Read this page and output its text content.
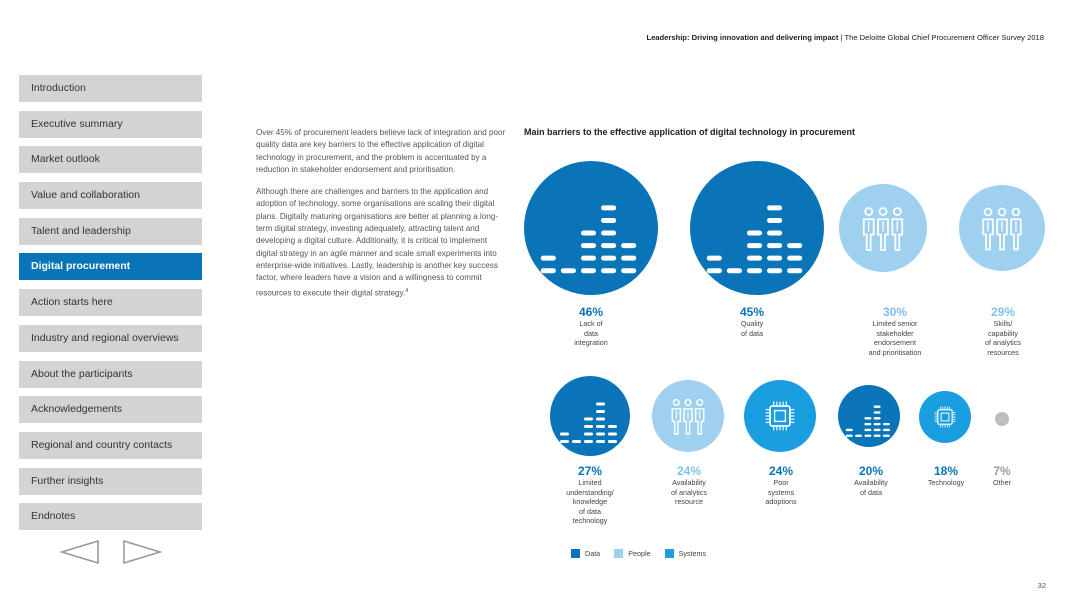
Leadership: Driving innovation and delivering impact | The Deloitte Global Chief Procurement Officer Survey 2018
Introduction
Executive summary
Market outlook
Value and collaboration
Talent and leadership
Digital procurement
Action starts here
Industry and regional overviews
About the participants
Acknowledgements
Regional and country contacts
Further insights
Endnotes

Over 45% of procurement leaders believe lack of integration and poor quality data are key barriers to the effective application of digital technology in procurement, and the problem is accentuated by a reduction in stakeholder endorsement and prioritisation.

Although there are challenges and barriers to the application and adoption of technology, some organisations are scaling their digital plans. Digitally maturing organisations are better at planning a long-term digital strategy, investing adequately, attracting talent and developing a digital culture. Additionally, it is critical to implement digital strategy in an agile manner and scale small experiments into enterprise-wide initiatives. Lastly, leadership is another key success factor, where leaders have a vision and a willingness to commit resources to execute their digital strategy.$^4$

Main barriers to the effective application of digital technology in procurement
46%
Lack of
data
integration
45%
Quality
of data
30%
Limited senior
stakeholder
endorsement
and prioritisation
29%
Skills/
capability
of analytics
resources
27%
Limited
understanding/
knowledge
of data
technology
24%
Availability
of analytics
resource
24%
Poor
systems
adoptions
20%
Availability
of data
18%
Technology
7%
Other
Data	People	Systems
32
